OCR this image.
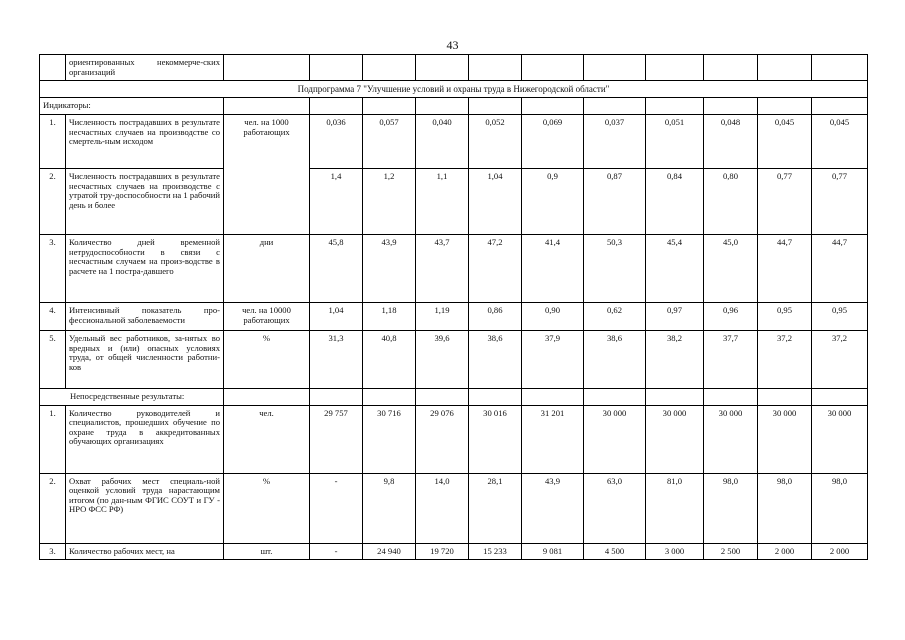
43
	ориентированных некоммерче-ских организаций											
Подпрограмма 7 "Улучшение условий и охраны труда в Нижегородской области"												
Индикаторы:												
1.	Численность пострадавших в результате несчастных случаев на производстве со смертель-ным исходом	чел. на 1000 работающих	0,036	0,057	0,040	0,052	0,069	0,037	0,051	0,048	0,045	0,045
2.	Численность пострадавших в результате несчастных случаев на производстве с утратой тру-доспособности на 1 рабочий день и более		1,4	1,2	1,1	1,04	0,9	0,87	0,84	0,80	0,77	0,77
3.	Количество дней временной нетрудоспособности в связи с несчастным случаем на произ-водстве в расчете на 1 постра-давшего	дни	45,8	43,9	43,7	47,2	41,4	50,3	45,4	45,0	44,7	44,7
4.	Интенсивный показатель про-фессиональной заболеваемости	чел. на 10000 работающих	1,04	1,18	1,19	0,86	0,90	0,62	0,97	0,96	0,95	0,95
5.	Удельный вес работников, за-нятых во вредных и (или) опасных условиях труда, от общей численности работни-ков	%	31,3	40,8	39,6	38,6	37,9	38,6	38,2	37,7	37,2	37,2
Непосредственные результаты:												
1.	Количество руководителей и специалистов, прошедших обучение по охране труда в аккредитованных обучающих организациях	чел.	29 757	30 716	29 076	30 016	31 201	30 000	30 000	30 000	30 000	30 000
2.	Охват рабочих мест специаль-ной оценкой условий труда нарастающим итогом (по дан-ным ФГИС СОУТ и ГУ - НРО ФСС РФ)	%	-	9,8	14,0	28,1	43,9	63,0	81,0	98,0	98,0	98,0
3.	Количество рабочих мест, на	шт.	-	24 940	19 720	15 233	9 081	4 500	3 000	2 500	2 000	2 000
